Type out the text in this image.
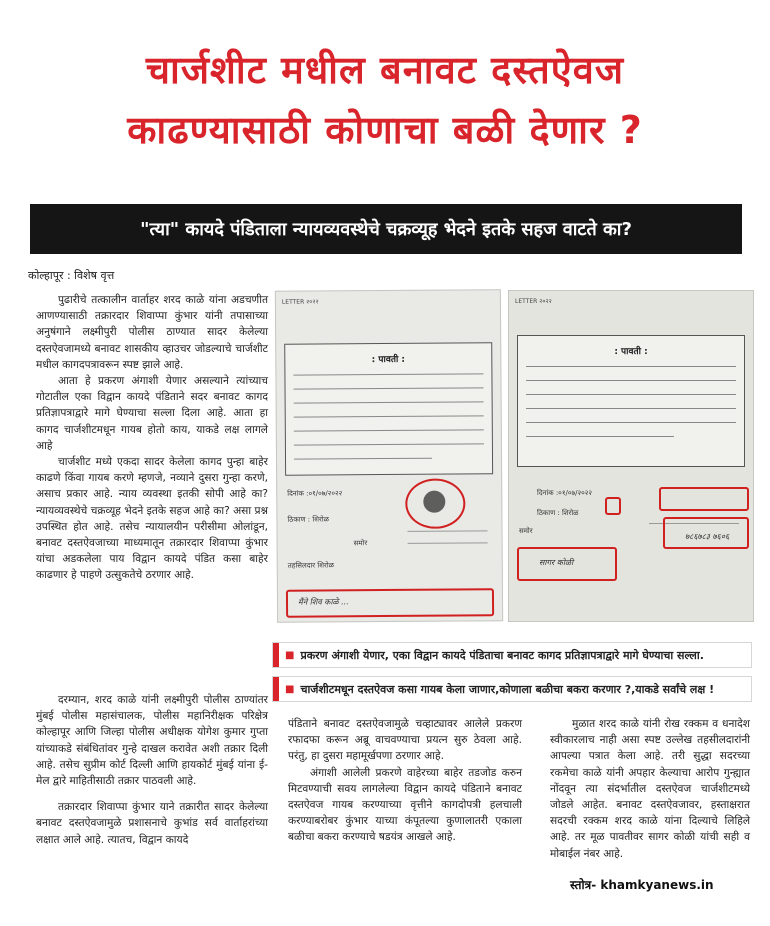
चार्जशीट मधील बनावट दस्तऐवज
काढण्यासाठी कोणाचा बळी देणार ?
"त्या" कायदे पंडिताला न्यायव्यवस्थेचे चक्रव्यूह भेदने इतके सहज वाटते का?
कोल्हापूर : विशेष वृत्त

पुढारीचे तत्कालीन वार्ताहर शरद काळे यांना अडचणीत आणण्यासाठी तक्रारदार शिवाप्पा कुंभार यांनी तपासाच्या अनुषंगाने लक्ष्मीपुरी पोलीस ठाण्यात सादर केलेल्या दस्तऐवजामध्ये बनावट शासकीय व्हाउचर जोडल्याचे चार्जशीट मधील कागदपत्रावरून स्पष्ट झाले आहे.

आता हे प्रकरण अंगाशी येणार असल्याने त्यांच्याच गोटातील एका विद्वान कायदे पंडिताने सदर बनावट कागद प्रतिज्ञापत्राद्वारे मागे घेण्याचा सल्ला दिला आहे. आता हा कागद चार्जशीटमधून गायब होतो काय, याकडे लक्ष लागले आहे

चार्जशीट मध्ये एकदा सादर केलेला कागद पुन्हा बाहेर काढणे किंवा गायब करणे म्हणजे, नव्याने दुसरा गुन्हा करणे, असाच प्रकार आहे. न्याय व्यवस्था इतकी सोपी आहे का? न्यायव्यवस्थेचे चक्रव्यूह भेदने इतके सहज आहे का? असा प्रश्न उपस्थित होत आहे. तसेच न्यायालयीन परीसीमा ओलांडून, बनावट दस्तऐवजाच्या माध्यमातून तक्रारदार शिवाप्पा कुंभार यांचा अडकलेला पाय विद्वान कायदे पंडित कसा बाहेर काढणार हे पाहणे उत्सुकतेचे ठरणार आहे.

दरम्यान, शरद काळे यांनी लक्ष्मीपुरी पोलीस ठाण्यांतर मुंबई पोलीस महासंचालक, पोलीस महानिरीक्षक परिक्षेत्र कोल्हापूर आणि जिल्हा पोलीस अधीक्षक योगेश कुमार गुप्ता यांच्याकडे संबंधितांवर गुन्हे दाखल करावेत अशी तक्रार दिली आहे. तसेच सुप्रीम कोर्ट दिल्ली आणि हायकोर्ट मुंबई यांना ई-मेल द्वारे माहितीसाठी तक्रार पाठवली आहे.

तक्रारदार शिवाप्पा कुंभार याने तक्रारीत सादर केलेल्या बनावट दस्तऐवजामुळे प्रशासनाचे कुभांड सर्व वार्ताहरांच्या लक्षात आले आहे. त्यातच, विद्वान कायदे

LETTER २०२२
: पावती :
दिनांक :०१/०७/२०२२
ठिकाण : शिरोळ
समोर
तहसिलदार शिरोळ
मैंने शिव काळे ...
LETTER २०२२
: पावती :
दिनांक :०१/०७/२०२२
ठिकाण : शिरोळ
समोर
७८६७८३ ७६०६
सागर कोळी
■ प्रकरण अंगाशी येणार, एका विद्वान कायदे पंडिताचा बनावट कागद प्रतिज्ञापत्राद्वारे मागे घेण्याचा सल्ला.
■ चार्जशीटमधून दस्तऐवज कसा गायब केला जाणार,कोणाला बळीचा बकरा करणार ?,याकडे सर्वांचे लक्ष !

पंडिताने बनावट दस्तऐवजामुळे चव्हाट्यावर आलेले प्रकरण रफादफा करून अब्रू वाचवण्याचा प्रयत्न सुरु ठेवला आहे. परंतु, हा दुसरा महामूर्खपणा ठरणार आहे.

अंगाशी आलेली प्रकरणे वाहेरच्या बाहेर तडजोड करुन मिटवण्याची सवय लागलेल्या विद्वान कायदे पंडिताने बनावट दस्तऐवज गायब करण्याच्या वृत्तीने कागदोपत्री हलचाली करण्याबरोबर कुंभार याच्या कंपूतल्या कुणालातरी एकाला बळीचा बकरा करण्याचे षडयंत्र आखले आहे.

मुळात शरद काळे यांनी रोख रक्कम व धनादेश स्वीकारलाच नाही असा स्पष्ट उल्लेख तहसीलदारांनी आपल्या पत्रात केला आहे. तरी सुद्धा सदरच्या रकमेचा काळे यांनी अपहार केल्याचा आरोप गुन्ह्यात नोंदवून त्या संदर्भातील दस्तऐवज चार्जशीटमध्ये जोडले आहेत. बनावट दस्तऐवजावर, हस्ताक्षरात सदरची रक्कम शरद काळे यांना दिल्याचे लिहिले आहे. तर मूळ पावतीवर सागर कोळी यांची सही व मोबाईल नंबर आहे.

स्तोत्र- khamkyanews.in
